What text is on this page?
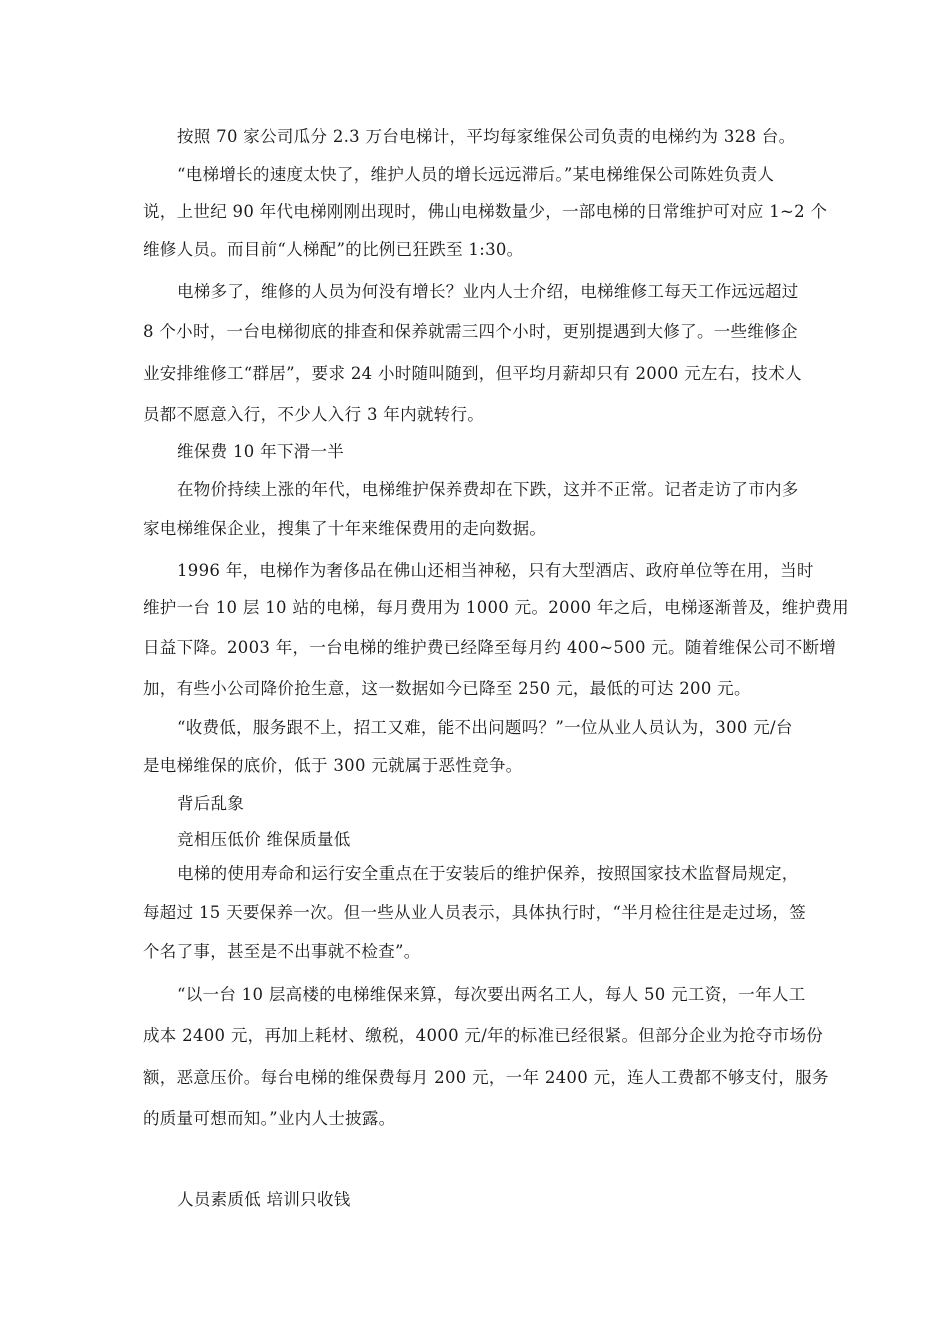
按照 70 家公司瓜分 2.3 万台电梯计，平均每家维保公司负责的电梯约为 328 台。
“电梯增长的速度太快了，维护人员的增长远远滞后。”某电梯维保公司陈姓负责人
说，上世纪 90 年代电梯刚刚出现时，佛山电梯数量少，一部电梯的日常维护可对应 1~2 个
维修人员。而目前“人梯配”的比例已狂跌至 1:30。
电梯多了，维修的人员为何没有增长？业内人士介绍，电梯维修工每天工作远远超过
8 个小时，一台电梯彻底的排查和保养就需三四个小时，更别提遇到大修了。一些维修企
业安排维修工“群居”，要求 24 小时随叫随到，但平均月薪却只有 2000 元左右，技术人
员都不愿意入行，不少人入行 3 年内就转行。
维保费 10 年下滑一半
在物价持续上涨的年代，电梯维护保养费却在下跌，这并不正常。记者走访了市内多
家电梯维保企业，搜集了十年来维保费用的走向数据。
1996 年，电梯作为奢侈品在佛山还相当神秘，只有大型酒店、政府单位等在用，当时
维护一台 10 层 10 站的电梯，每月费用为 1000 元。2000 年之后，电梯逐渐普及，维护费用
日益下降。2003 年，一台电梯的维护费已经降至每月约 400~500 元。随着维保公司不断增
加，有些小公司降价抢生意，这一数据如今已降至 250 元，最低的可达 200 元。
“收费低，服务跟不上，招工又难，能不出问题吗？”一位从业人员认为，300 元/台
是电梯维保的底价，低于 300 元就属于恶性竞争。
背后乱象
竞相压低价 维保质量低
电梯的使用寿命和运行安全重点在于安装后的维护保养，按照国家技术监督局规定，
每超过 15 天要保养一次。但一些从业人员表示，具体执行时，“半月检往往是走过场，签
个名了事，甚至是不出事就不检查”。
“以一台 10 层高楼的电梯维保来算，每次要出两名工人，每人 50 元工资，一年人工
成本 2400 元，再加上耗材、缴税，4000 元/年的标准已经很紧。但部分企业为抢夺市场份
额，恶意压价。每台电梯的维保费每月 200 元，一年 2400 元，连人工费都不够支付，服务
的质量可想而知。”业内人士披露。
人员素质低 培训只收钱
